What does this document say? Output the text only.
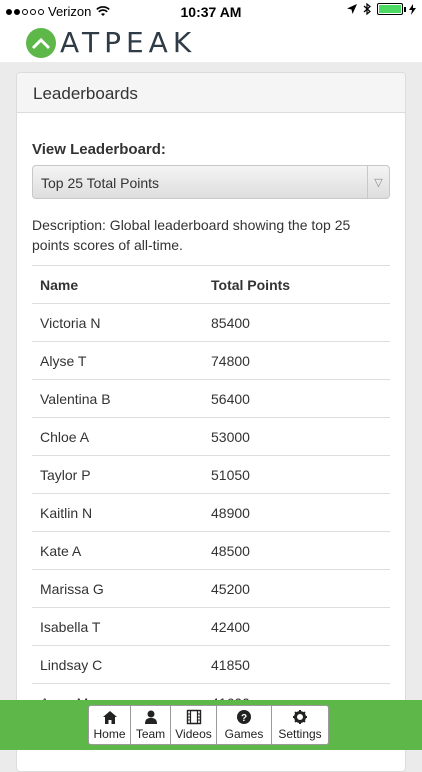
Verizon	10:37 AM
ATPEAK
Leaderboards
View Leaderboard:
Top 25 Total Points	▽
Description: Global leaderboard showing the top 25 points scores of all-time.
Name	Total Points
Victoria N	85400
Alyse T	74800
Valentina B	56400
Chloe A	53000
Taylor P	51050
Kaitlin N	48900
Kate A	48500
Marissa G	45200
Isabella T	42400
Lindsay C	41850

Home Team Videos
?
Games Settings
